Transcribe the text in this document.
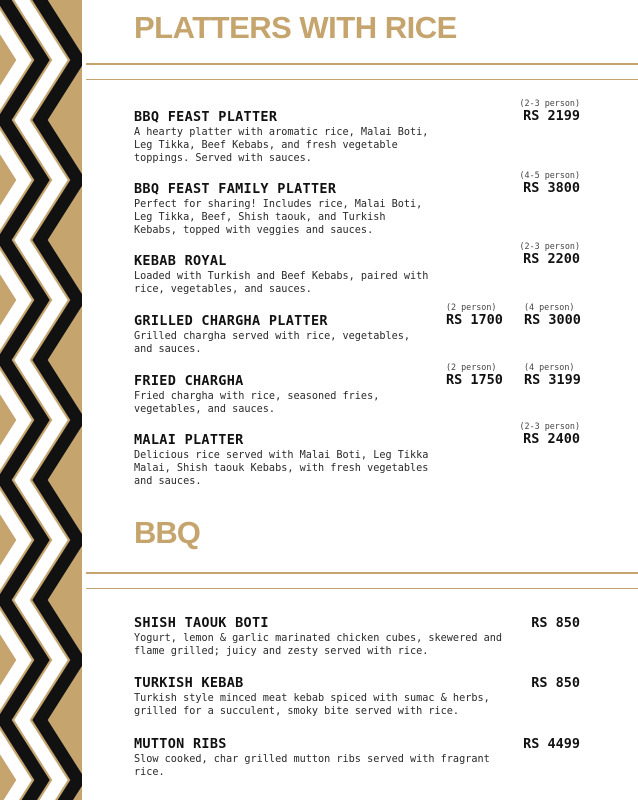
PLATTERS WITH RICE
BBQ FEAST PLATTER
A hearty platter with aromatic rice, Malai Boti, Leg Tikka, Beef Kebabs, and fresh vegetable toppings. Served with sauces.
(2-3 person)
RS 2199
BBQ FEAST FAMILY PLATTER
Perfect for sharing! Includes rice, Malai Boti, Leg Tikka, Beef, Shish taouk, and Turkish Kebabs, topped with veggies and sauces.
(4-5 person)
RS 3800
KEBAB ROYAL
Loaded with Turkish and Beef Kebabs, paired with rice, vegetables, and sauces.
(2-3 person)
RS 2200
GRILLED CHARGHA PLATTER
Grilled chargha served with rice, vegetables, and sauces.
(2 person)
RS 1700
(4 person)
RS 3000
FRIED CHARGHA
Fried chargha with rice, seasoned fries, vegetables, and sauces.
(2 person)
RS 1750
(4 person)
RS 3199
MALAI PLATTER
Delicious rice served with Malai Boti, Leg Tikka Malai, Shish taouk Kebabs, with fresh vegetables and sauces.
(2-3 person)
RS 2400
BBQ
SHISH TAOUK BOTI
Yogurt, lemon & garlic marinated chicken cubes, skewered and flame grilled; juicy and zesty served with rice.
RS 850
TURKISH KEBAB
Turkish style minced meat kebab spiced with sumac & herbs, grilled for a succulent, smoky bite served with rice.
RS 850
MUTTON RIBS
Slow cooked, char grilled mutton ribs served with fragrant rice.
RS 4499
